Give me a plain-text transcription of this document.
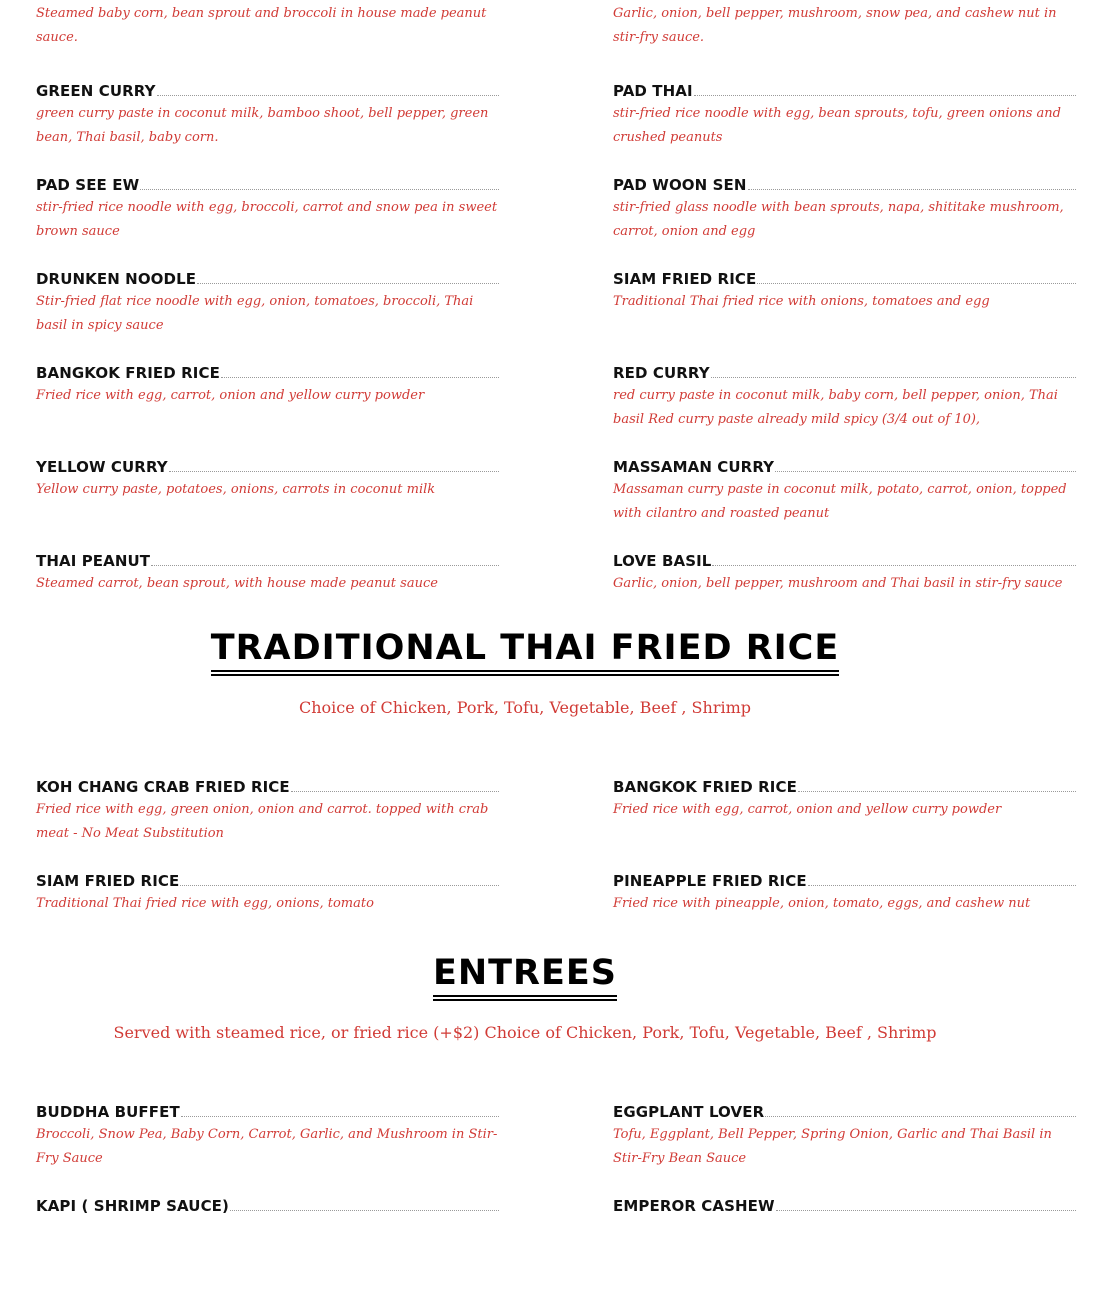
Steamed baby corn, bean sprout and broccoli in house made peanut sauce.
Garlic, onion, bell pepper, mushroom, snow pea, and cashew nut in stir-fry sauce.
GREEN CURRY
green curry paste in coconut milk, bamboo shoot, bell pepper, green bean, Thai basil, baby corn.
PAD THAI
stir-fried rice noodle with egg, bean sprouts, tofu, green onions and crushed peanuts
PAD SEE EW
stir-fried rice noodle with egg, broccoli, carrot and snow pea in sweet brown sauce
PAD WOON SEN
stir-fried glass noodle with bean sprouts, napa, shititake mushroom, carrot, onion and egg
DRUNKEN NOODLE
Stir-fried flat rice noodle with egg, onion, tomatoes, broccoli, Thai basil in spicy sauce
SIAM FRIED RICE
Traditional Thai fried rice with onions, tomatoes and egg
BANGKOK FRIED RICE
Fried rice with egg, carrot, onion and yellow curry powder
RED CURRY
red curry paste in coconut milk, baby corn, bell pepper, onion, Thai basil Red curry paste already mild spicy (3/4 out of 10),
YELLOW CURRY
Yellow curry paste, potatoes, onions, carrots in coconut milk
MASSAMAN CURRY
Massaman curry paste in coconut milk, potato, carrot, onion, topped with cilantro and roasted peanut
THAI PEANUT
Steamed carrot, bean sprout, with house made peanut sauce
LOVE BASIL
Garlic, onion, bell pepper, mushroom and Thai basil in stir-fry sauce
TRADITIONAL THAI FRIED RICE
Choice of Chicken, Pork, Tofu, Vegetable, Beef , Shrimp
KOH CHANG CRAB FRIED RICE
Fried rice with egg, green onion, onion and carrot. topped with crab meat - No Meat Substitution
BANGKOK FRIED RICE
Fried rice with egg, carrot, onion and yellow curry powder
SIAM FRIED RICE
Traditional Thai fried rice with egg, onions, tomato
PINEAPPLE FRIED RICE
Fried rice with pineapple, onion, tomato, eggs, and cashew nut
ENTREES
Served with steamed rice, or fried rice (+$2) Choice of Chicken, Pork, Tofu, Vegetable, Beef , Shrimp
BUDDHA BUFFET
Broccoli, Snow Pea, Baby Corn, Carrot, Garlic, and Mushroom in Stir-Fry Sauce
EGGPLANT LOVER
Tofu, Eggplant, Bell Pepper, Spring Onion, Garlic and Thai Basil in Stir-Fry Bean Sauce
KAPI ( SHRIMP SAUCE)	EMPEROR CASHEW
